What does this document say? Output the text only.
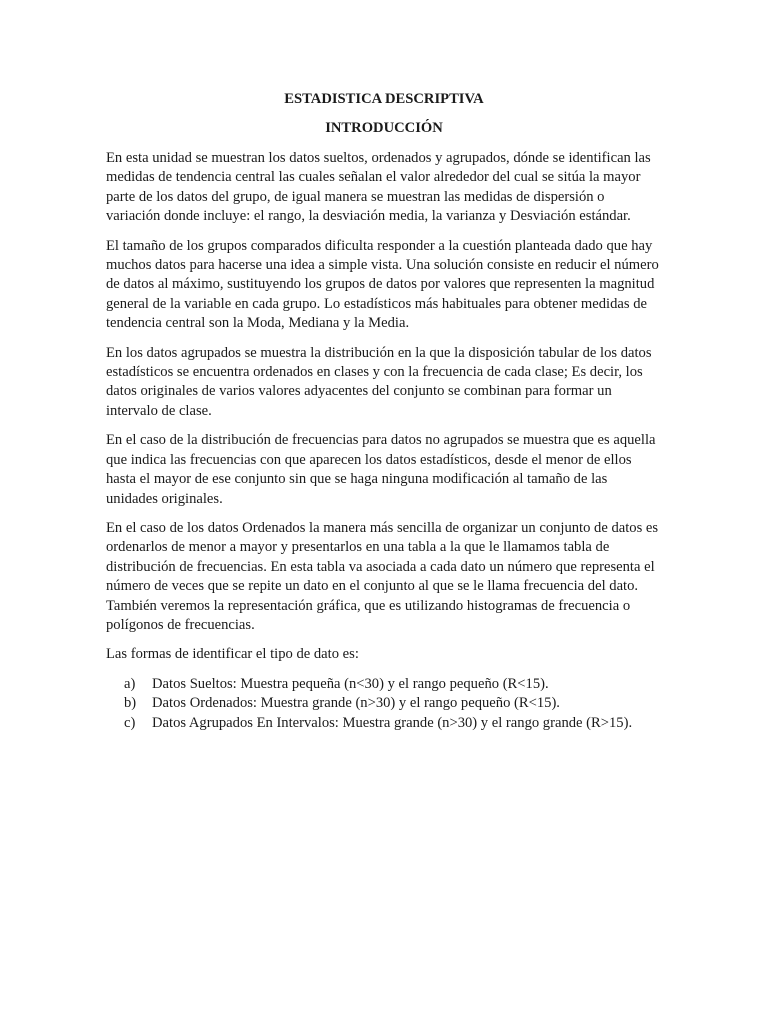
ESTADISTICA DESCRIPTIVA
INTRODUCCIÓN

En esta unidad se muestran los datos sueltos, ordenados y agrupados, dónde se identifican las medidas de tendencia central las cuales señalan el valor alrededor del cual se sitúa la mayor parte de los datos del grupo, de igual manera se muestran las medidas de dispersión o variación donde incluye: el rango, la desviación media, la varianza y Desviación estándar.

El tamaño de los grupos comparados dificulta responder a la cuestión planteada dado que hay muchos datos para hacerse una idea a simple vista. Una solución consiste en reducir el número de datos al máximo, sustituyendo los grupos de datos por valores que representen la magnitud general de la variable en cada grupo. Lo estadísticos más habituales para obtener medidas de tendencia central son la Moda, Mediana y la Media.

En los datos agrupados se muestra la distribución en la que la disposición tabular de los datos estadísticos se encuentra ordenados en clases y con la frecuencia de cada clase; Es decir, los datos originales de varios valores adyacentes del conjunto se combinan para formar un intervalo de clase.

En el caso de la distribución de frecuencias para datos no agrupados se muestra que es aquella que indica las frecuencias con que aparecen los datos estadísticos, desde el menor de ellos hasta el mayor de ese conjunto sin que se haga ninguna modificación al tamaño de las unidades originales.

En el caso de los datos Ordenados la manera más sencilla de organizar un conjunto de datos es ordenarlos de menor a mayor y presentarlos en una tabla a la que le llamamos tabla de distribución de frecuencias. En esta tabla va asociada a cada dato un número que representa el número de veces que se repite un dato en el conjunto al que se le llama frecuencia del dato. También veremos la representación gráfica, que es utilizando histogramas de frecuencia o polígonos de frecuencias.

Las formas de identificar el tipo de dato es:

a)	Datos Sueltos: Muestra pequeña (n<30) y el rango pequeño (R<15).
b)	Datos Ordenados: Muestra grande (n>30) y el rango pequeño (R<15).
c)	Datos Agrupados En Intervalos: Muestra grande (n>30) y el rango grande (R>15).
